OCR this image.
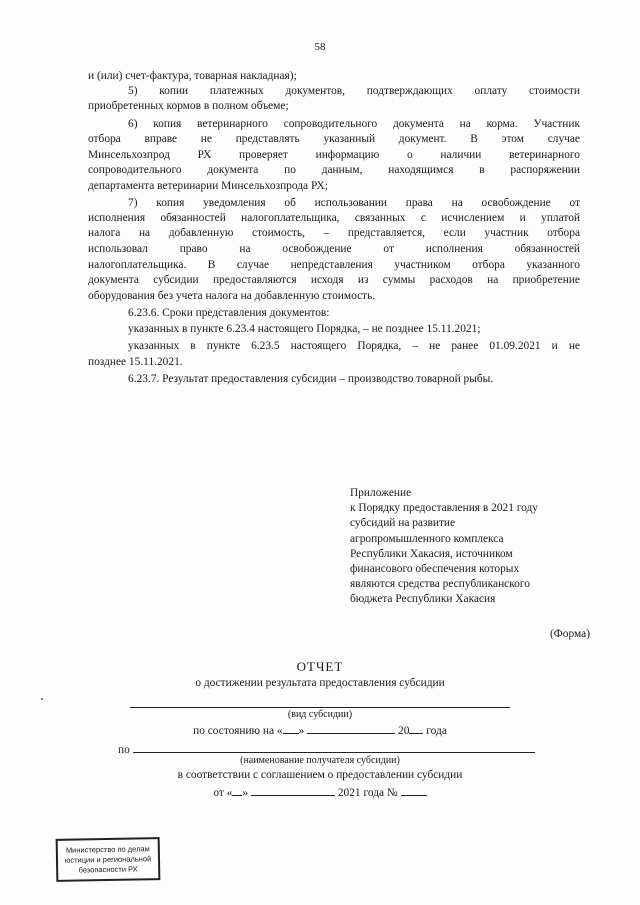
58
и (или) счет-фактура, товарная накладная);
5) копии платежных документов, подтверждающих оплату стоимости
приобретенных кормов в полном объеме;
6) копия ветеринарного сопроводительного документа на корма. Участник
отбора вправе не представлять указанный документ. В этом случае
Минсельхозпрод РХ проверяет информацию о наличии ветеринарного
сопроводительного документа по данным, находящимся в распоряжении
департамента ветеринарии Минсельхозпрода РХ;
7) копия уведомления об использовании права на освобождение от
исполнения обязанностей налогоплательщика, связанных с исчислением и уплатой
налога на добавленную стоимость, – представляется, если участник отбора
использовал право на освобождение от исполнения обязанностей
налогоплательщика. В случае непредставления участником отбора указанного
документа субсидии предоставляются исходя из суммы расходов на приобретение
оборудования без учета налога на добавленную стоимость.
6.23.6. Сроки представления документов:
указанных в пункте 6.23.4 настоящего Порядка, – не позднее 15.11.2021;
указанных в пункте 6.23.5 настоящего Порядка, – не ранее 01.09.2021 и не
позднее 15.11.2021.
6.23.7. Результат предоставления субсидии – производство товарной рыбы.
Приложение
к Порядку предоставления в 2021 году
субсидий на развитие
агропромышленного комплекса
Республики Хакасия, источником
финансового обеспечения которых
являются средства республиканского
бюджета Республики Хакасия
(Форма)
ОТЧЕТ
о достижении результата предоставления субсидии
(вид субсидии)
по состоянию на « »	20 года
по
(наименование получателя субсидии)
в соответствии с соглашением о предоставлении субсидии
от « »	2021 года №
Министерство по делам
юстиции и региональной
безопасности РХ
